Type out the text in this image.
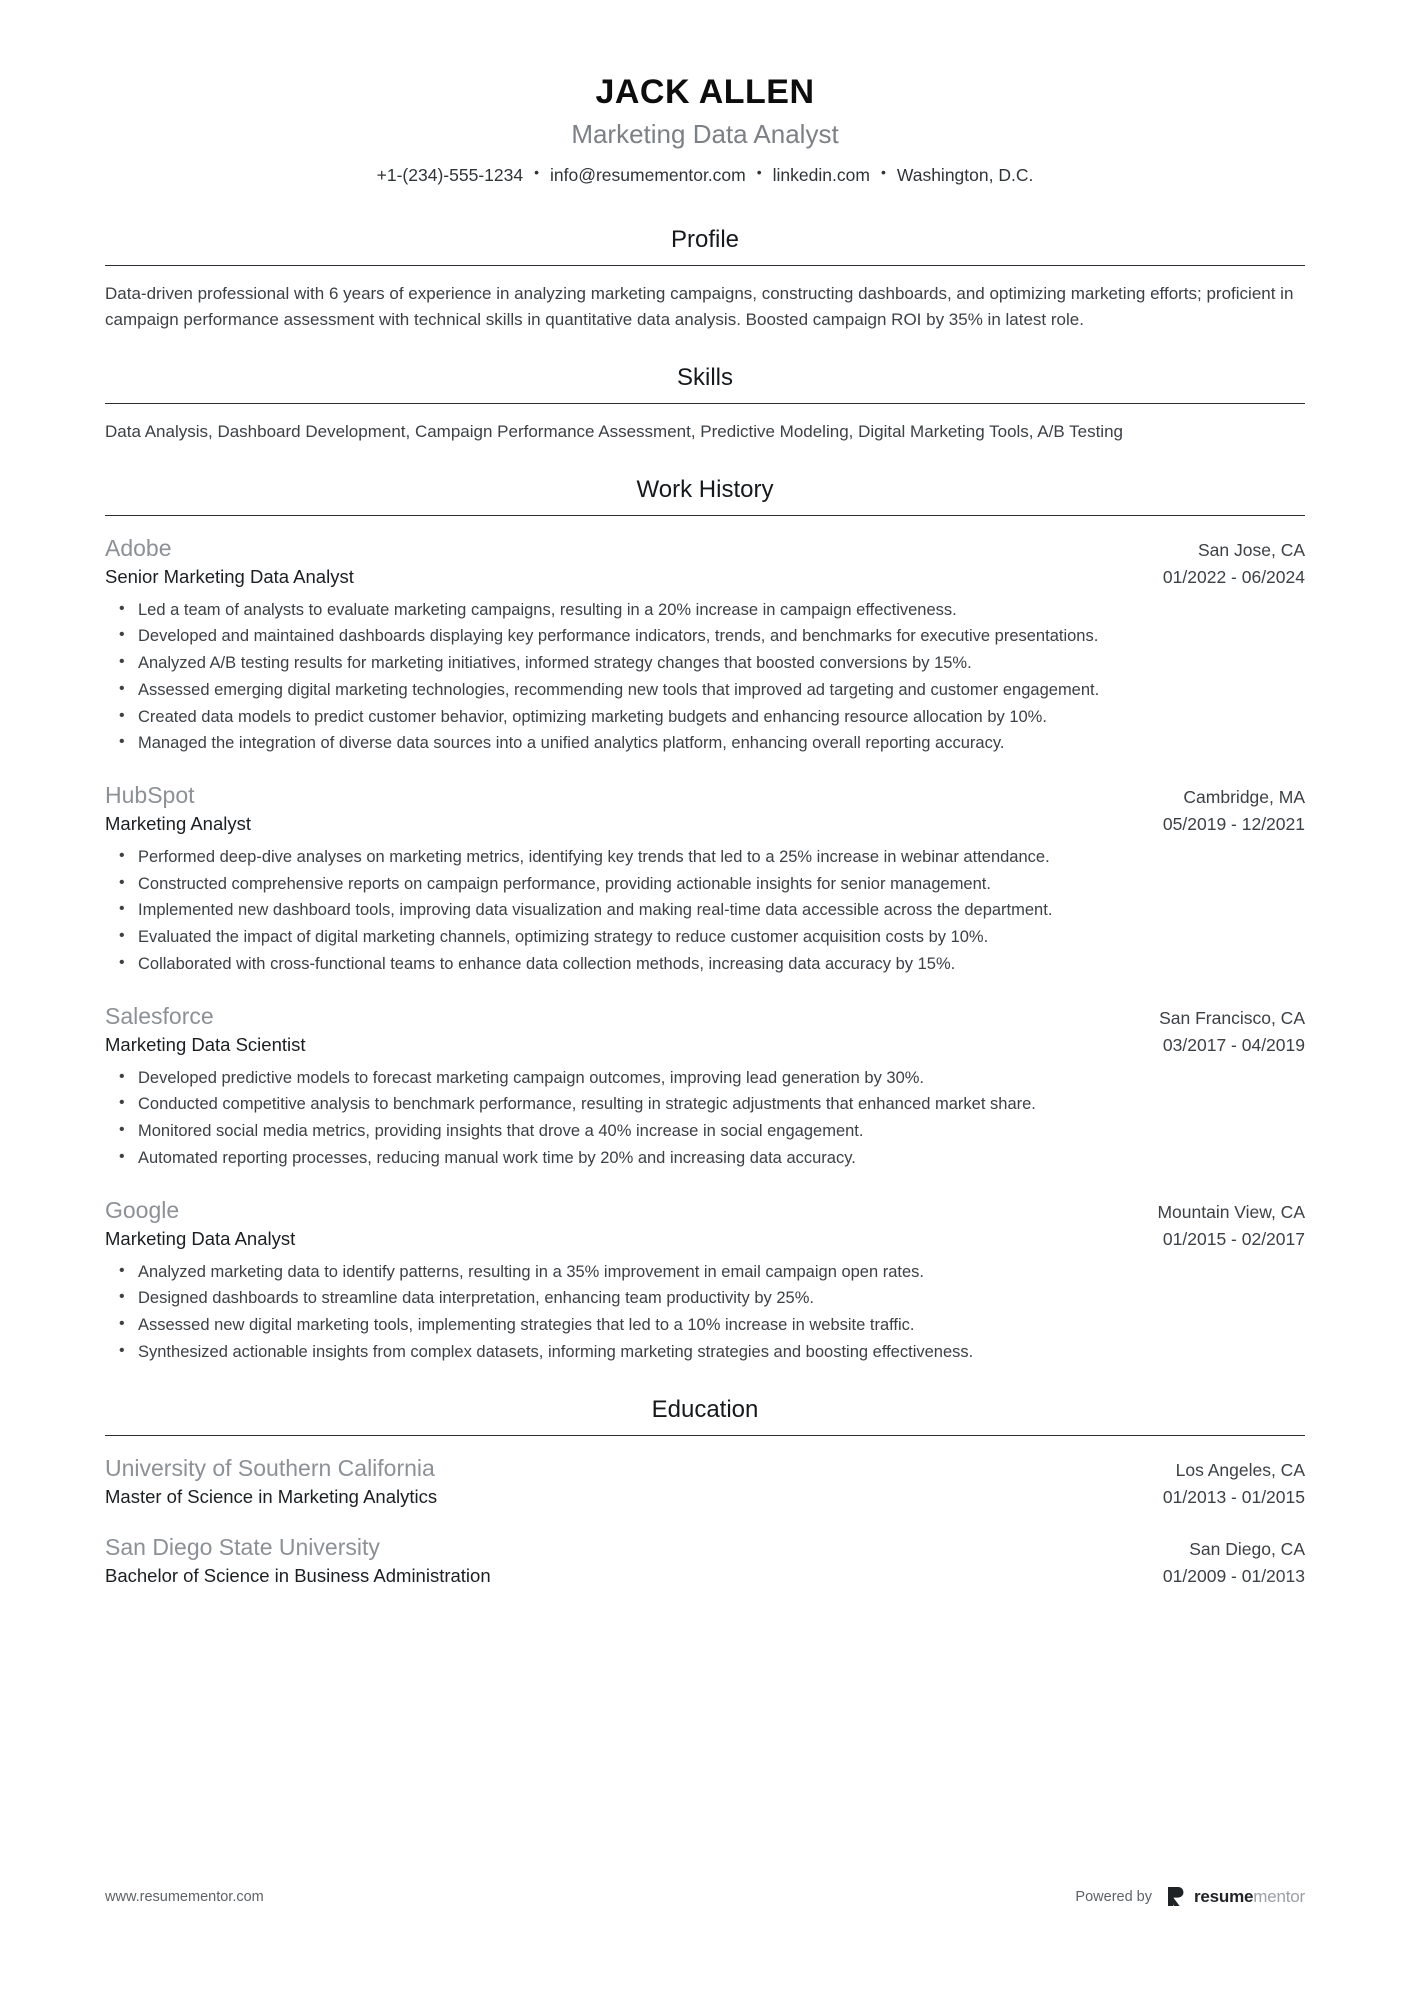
JACK ALLEN
Marketing Data Analyst
+1-(234)-555-1234 • info@resumementor.com • linkedin.com • Washington, D.C.
Profile

Data-driven professional with 6 years of experience in analyzing marketing campaigns, constructing dashboards, and optimizing marketing efforts; proficient in campaign performance assessment with technical skills in quantitative data analysis. Boosted campaign ROI by 35% in latest role.

Skills

Data Analysis, Dashboard Development, Campaign Performance Assessment, Predictive Modeling, Digital Marketing Tools, A/B Testing

Work History
Adobe	San Jose, CA
Senior Marketing Data Analyst	01/2022 - 06/2024
• Led a team of analysts to evaluate marketing campaigns, resulting in a 20% increase in campaign effectiveness.
• Developed and maintained dashboards displaying key performance indicators, trends, and benchmarks for executive presentations.
• Analyzed A/B testing results for marketing initiatives, informed strategy changes that boosted conversions by 15%.
• Assessed emerging digital marketing technologies, recommending new tools that improved ad targeting and customer engagement.
• Created data models to predict customer behavior, optimizing marketing budgets and enhancing resource allocation by 10%.
• Managed the integration of diverse data sources into a unified analytics platform, enhancing overall reporting accuracy.
HubSpot	Cambridge, MA
Marketing Analyst	05/2019 - 12/2021
• Performed deep-dive analyses on marketing metrics, identifying key trends that led to a 25% increase in webinar attendance.
• Constructed comprehensive reports on campaign performance, providing actionable insights for senior management.
• Implemented new dashboard tools, improving data visualization and making real-time data accessible across the department.
• Evaluated the impact of digital marketing channels, optimizing strategy to reduce customer acquisition costs by 10%.
• Collaborated with cross-functional teams to enhance data collection methods, increasing data accuracy by 15%.
Salesforce	San Francisco, CA
Marketing Data Scientist	03/2017 - 04/2019
• Developed predictive models to forecast marketing campaign outcomes, improving lead generation by 30%.
• Conducted competitive analysis to benchmark performance, resulting in strategic adjustments that enhanced market share.
• Monitored social media metrics, providing insights that drove a 40% increase in social engagement.
• Automated reporting processes, reducing manual work time by 20% and increasing data accuracy.
Google	Mountain View, CA
Marketing Data Analyst	01/2015 - 02/2017
• Analyzed marketing data to identify patterns, resulting in a 35% improvement in email campaign open rates.
• Designed dashboards to streamline data interpretation, enhancing team productivity by 25%.
• Assessed new digital marketing tools, implementing strategies that led to a 10% increase in website traffic.
• Synthesized actionable insights from complex datasets, informing marketing strategies and boosting effectiveness.
Education
University of Southern California	Los Angeles, CA
Master of Science in Marketing Analytics	01/2013 - 01/2015
San Diego State University	San Diego, CA
Bachelor of Science in Business Administration	01/2009 - 01/2013
www.resumementor.com	Powered by resumementor
